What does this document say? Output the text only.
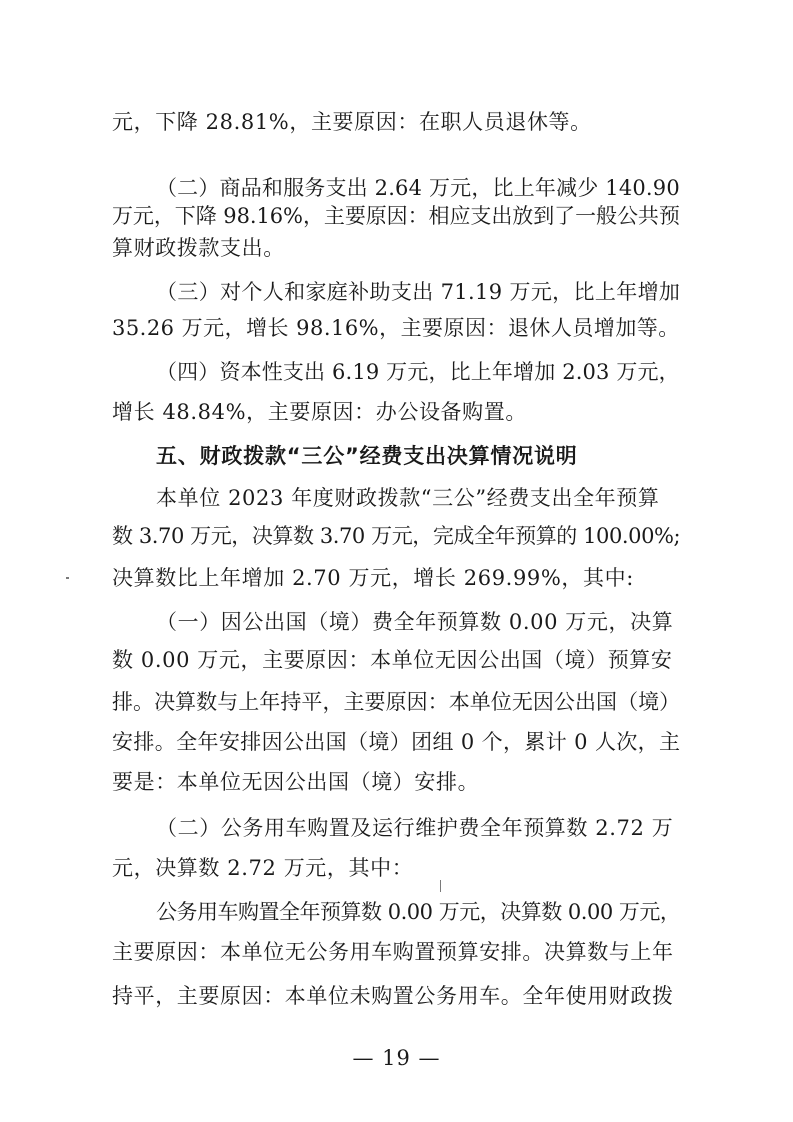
元，下降 28.81%，主要原因：在职人员退休等。
（二）商品和服务支出 2.64 万元，比上年减少 140.90
万元，下降 98.16%，主要原因：相应支出放到了一般公共预
算财政拨款支出。
（三）对个人和家庭补助支出 71.19 万元，比上年增加
35.26 万元，增长 98.16%，主要原因：退休人员增加等。
（四）资本性支出 6.19 万元，比上年增加 2.03 万元，
增长 48.84%，主要原因：办公设备购置。
五、财政拨款“三公”经费支出决算情况说明
本单位 2023 年度财政拨款“三公”经费支出全年预算
数 3.70 万元，决算数 3.70 万元，完成全年预算的 100.00%;
决算数比上年增加 2.70 万元，增长 269.99%，其中:
（一）因公出国（境）费全年预算数 0.00 万元，决算
数 0.00 万元，主要原因：本单位无因公出国（境）预算安
排。决算数与上年持平，主要原因：本单位无因公出国（境）
安排。全年安排因公出国（境）团组 0 个，累计 0 人次，主
要是：本单位无因公出国（境）安排。
（二）公务用车购置及运行维护费全年预算数 2.72 万
元，决算数 2.72 万元，其中：
公务用车购置全年预算数 0.00 万元，决算数 0.00 万元，
主要原因：本单位无公务用车购置预算安排。决算数与上年
持平，主要原因：本单位未购置公务用车。全年使用财政拨
— 19 —
